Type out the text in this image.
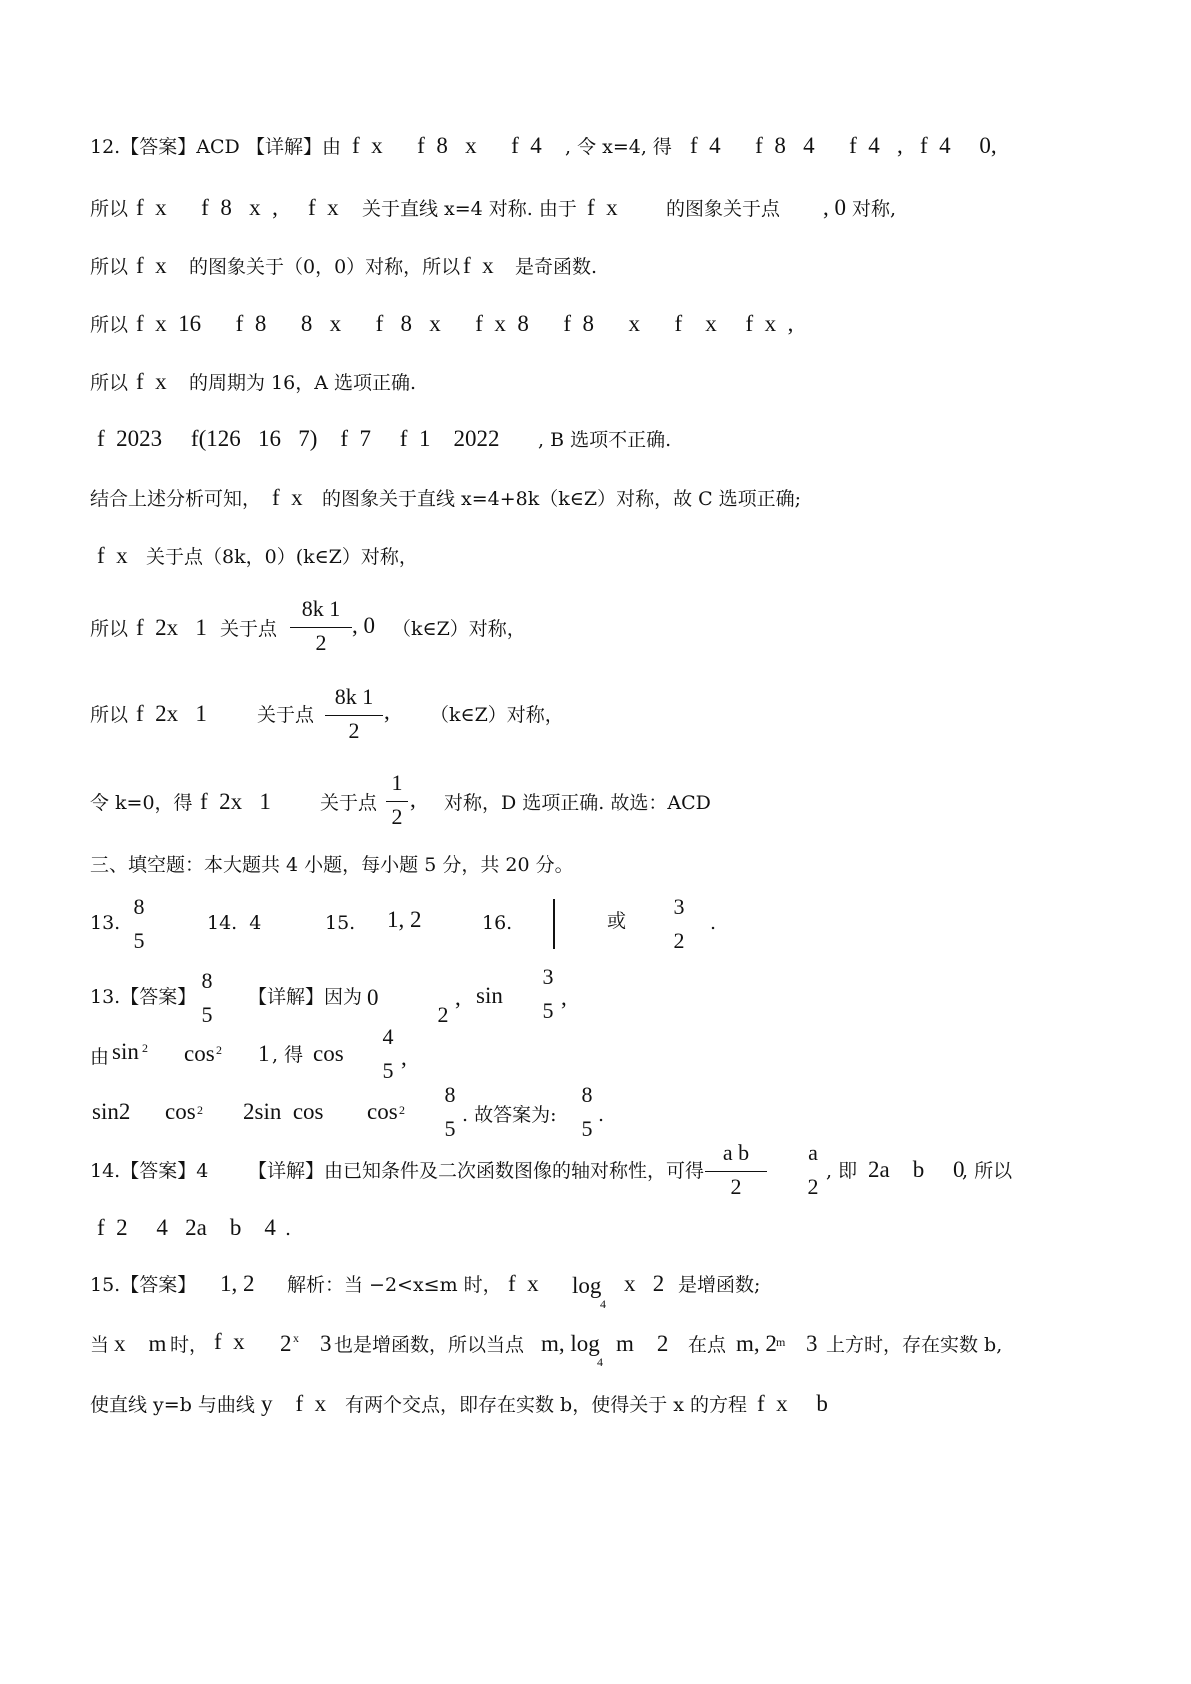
12.【答案】ACD 【详解】由 f  x      f  8   x      f  4 , 令 x=4, 得 f  4      f  8   4      f  4   ,   f  4     0,
所以 f  x      f  8   x  , f  x 关于直线 x=4 对称. 由于 f  x	的图象关于点 , 0 对称,
所以 f  x 的图象关于（0，0）对称，所以 f  x 是奇函数.
所以 f  x  16      f  8      8   x      f   8   x      f  x  8      f  8      x      f    x     f  x  ,
所以 f  x 的周期为 16，A 选项正确.
f  2023     f(126   16   7)    f  7     f  1    2022 , B 选项不正确.
结合上述分析可知， f  x 的图象关于直线 x=4+8k（k∈Z）对称，故 C 选项正确;
f  x 关于点（8k，0）(k∈Z）对称，
所以 f  2x   1 关于点
8k 1
2
, 0 （k∈Z）对称，
所以 f  2x   1	关于点
8k 1
2
, （k∈Z）对称，
令 k=0，得 f  2x   1	关于点
1
2
, 对称，D 选项正确. 故选：ACD
三、填空题：本大题共 4 小题，每小题 5 分，共 20 分。
13.
8
5
14.  4	15. 1, 2	16.	或
3
2
.
13.【答案】
8
5
【详解】因为 0
2
, sin
3
5
,
由 sin 2 cos 2 1 , 得 cos
4
5
,
sin2 cos 2 2sin  cos cos 2
8
5
. 故答案为:
8
5
.
14.【答案】4 【详解】由已知条件及二次函数图像的轴对称性，可得
a b
2
a
2
, 即 2a    b     0
, 所以
f  2     4   2a    b    4 .
15.【答案】 1, 2 解析：当 −2<x≤m 时， f  x log
4
x   2 是增函数;
当 x    m 时， f  x 2 x 3 也是增函数，所以当点 m, log
4
m    2 在点 m, 2 m 3 上方时，存在实数 b,
使直线 y=b 与曲线 y    f  x 有两个交点，即存在实数 b，使得关于 x 的方程 f  x     b
